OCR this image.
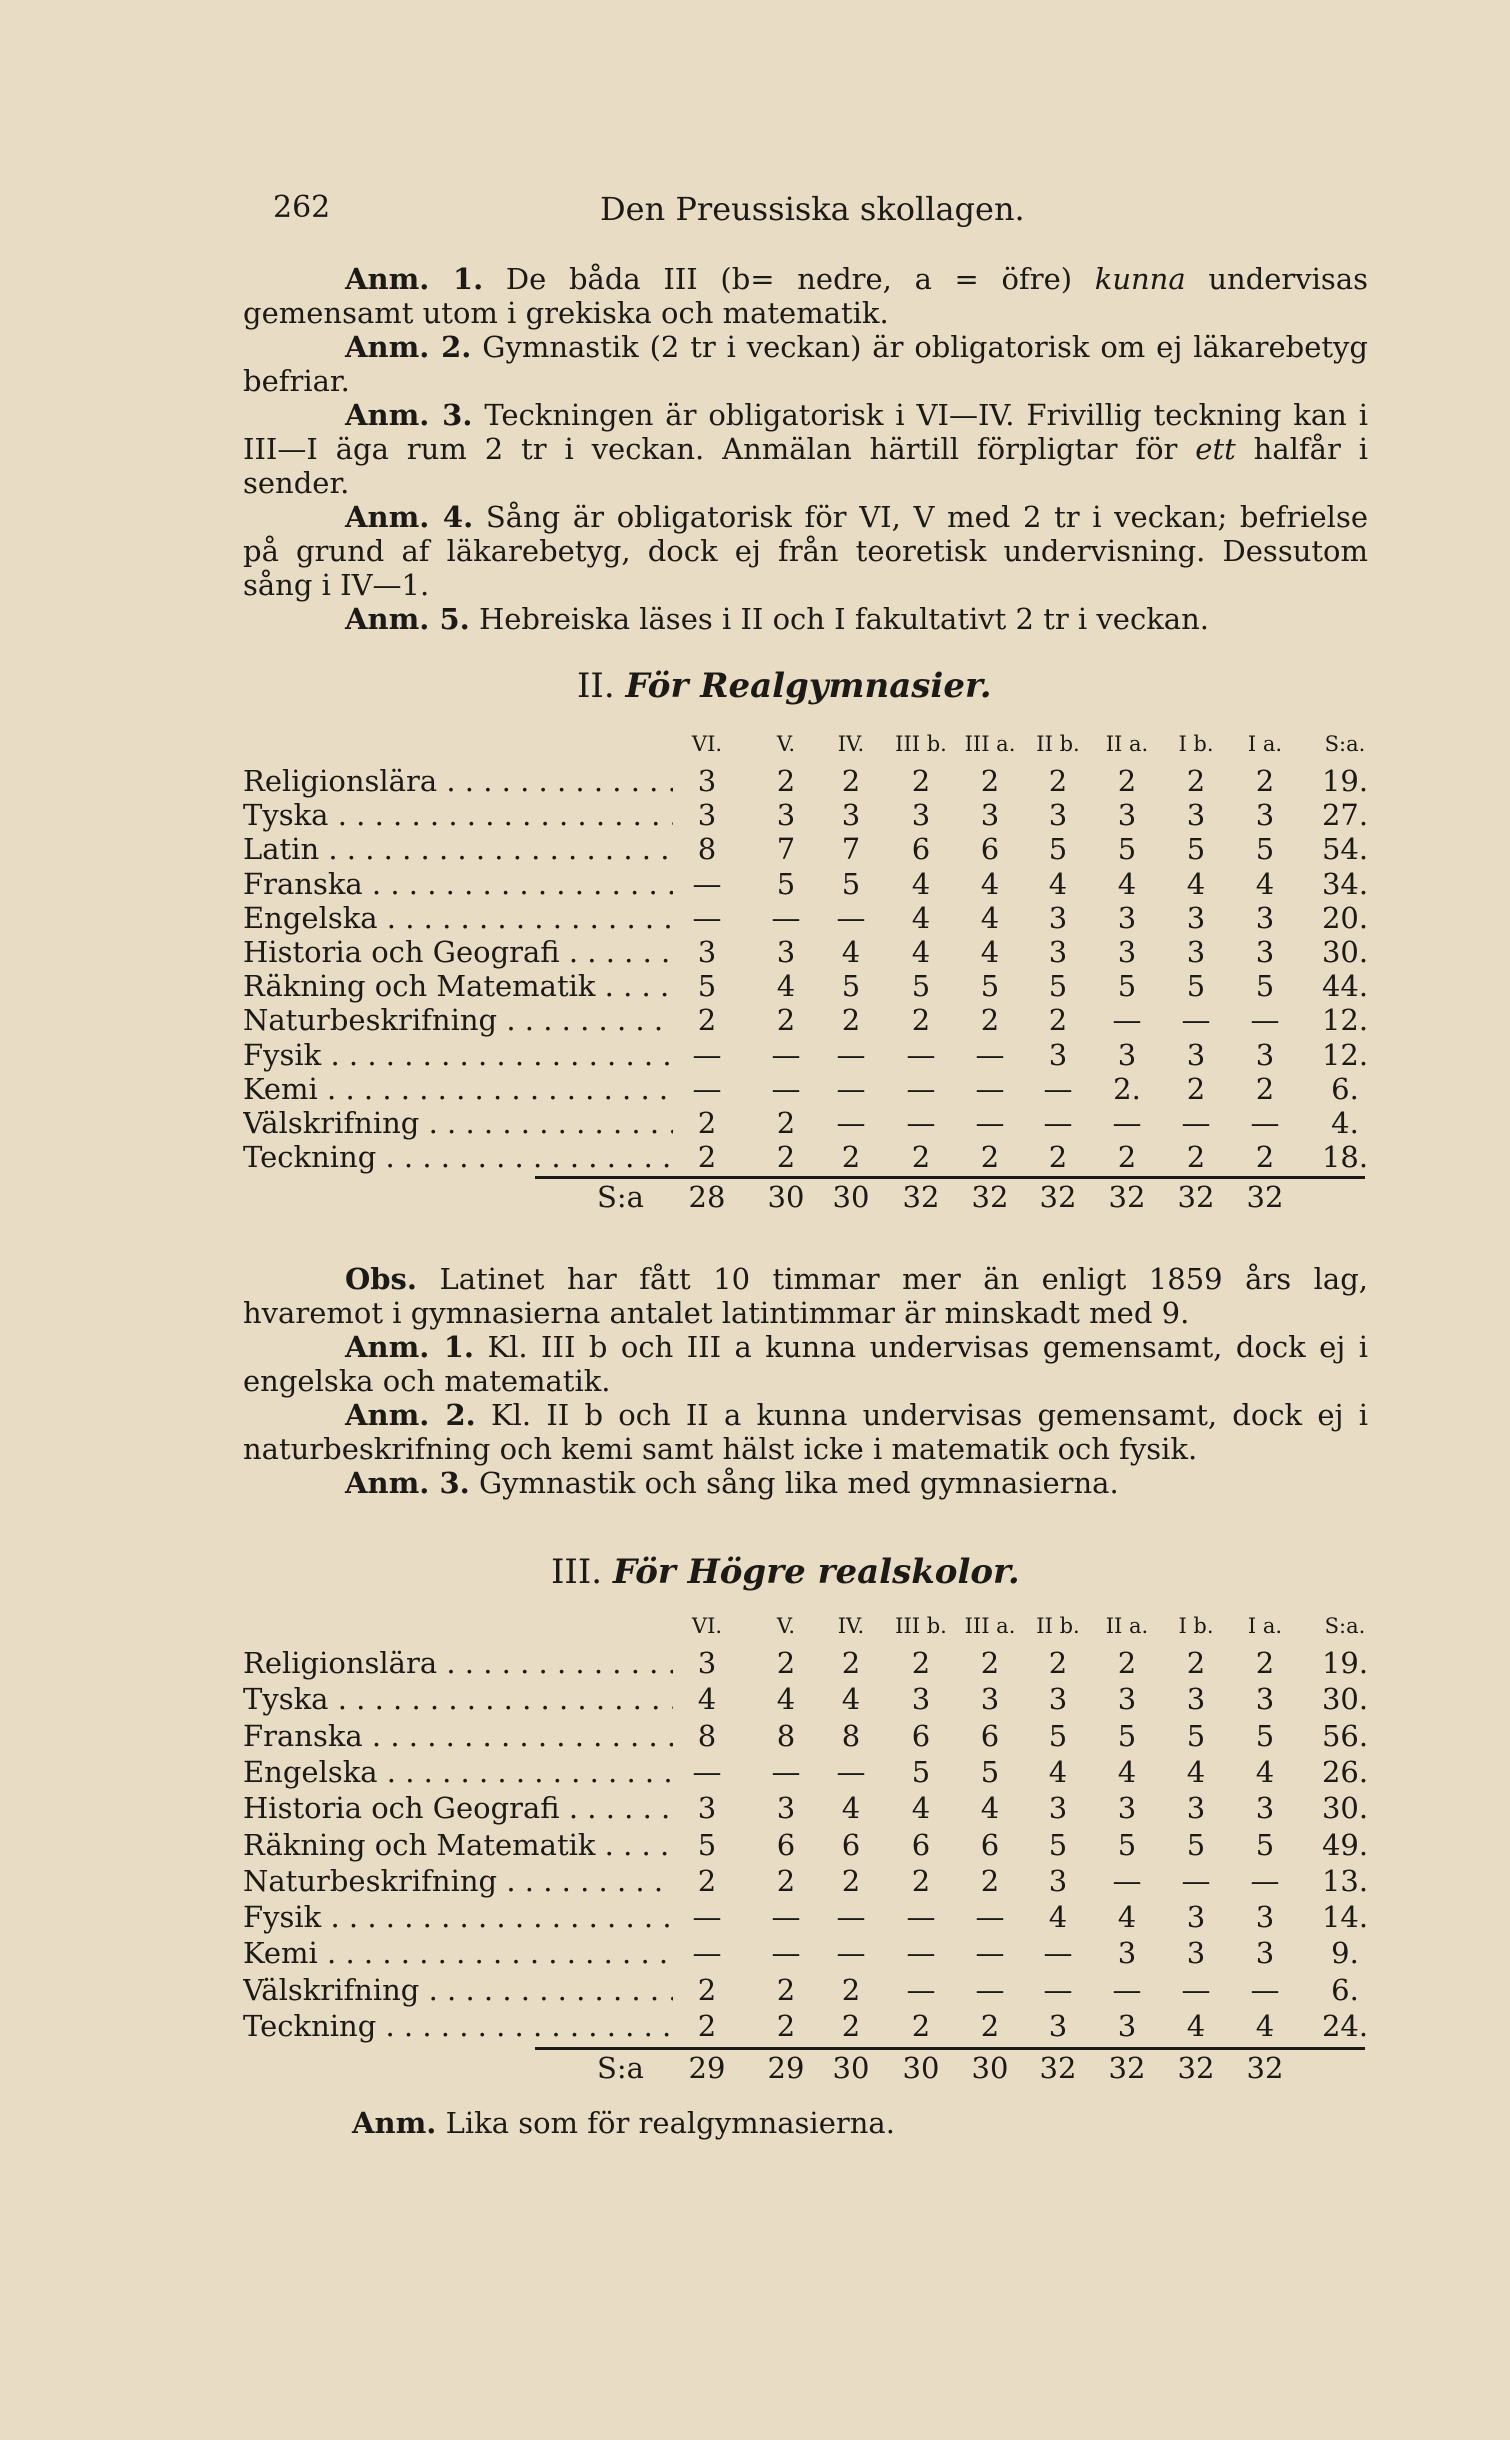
262	Den Preussiska skollagen.

Anm. 1. De båda III (b= nedre, a = öfre) kunna undervisas gemensamt utom i grekiska och matematik.

Anm. 2. Gymnastik (2 tr i veckan) är obligatorisk om ej läkarebetyg befriar.

Anm. 3. Teckningen är obligatorisk i VI—IV. Frivillig teckning kan i III—I äga rum 2 tr i veckan. Anmälan härtill förpligtar för ett halfår i sender.

Anm. 4. Sång är obligatorisk för VI, V med 2 tr i veckan; befrielse på grund af läkarebetyg, dock ej från teoretisk undervisning. Dessutom sång i IV—1.

Anm. 5. Hebreiska läses i II och I fakultativt 2 tr i veckan.

II. För Realgymnasier.
VI.	V.	IV.	III b. III a. II b.	II a.	I b.	I a.	S:a.
Religionslära . . .	3	2	2	2	2	2	2	2	2	19.
Tyska . . .	3	3	3	3	3	3	3	3	3	27.
Latin . . .	8	7	7	6	6	5	5	5	5	54.
Franska . . .	—	5	5	4	4	4	4	4	4	34.
Engelska . . .	—	—	—	4	4	3	3	3	3	20.
Historia och Geografi . . .	3	3	4	4	4	3	3	3	3	30.
Räkning och Matematik . . .	5	4	5	5	5	5	5	5	5	44.
Naturbeskrifning . . .	2	2	2	2	2	2	—	—	—	12.
Fysik . . .	—	—	—	—	—	3	3	3	3	12.
Kemi . . .	—	—	—	—	—	—	2.	2	2	6.
Välskrifning . . .	2	2	—	—	—	—	—	—	—	4.
Teckning . . .	2	2	2	2	2	2	2	2	2	18.
S:a	28	30 30	32	32	32	32	32	32

Obs. Latinet har fått 10 timmar mer än enligt 1859 års lag, hvaremot i gymnasierna antalet latintimmar är minskadt med 9.

Anm. 1. Kl. III b och III a kunna undervisas gemensamt, dock ej i engelska och matematik.

Anm. 2. Kl. II b och II a kunna undervisas gemensamt, dock ej i naturbeskrifning och kemi samt hälst icke i matematik och fysik.

Anm. 3. Gymnastik och sång lika med gymnasierna.

III. För Högre realskolor.
VI.	V.	IV.	III b. III a. II b.	II a.	I b.	I a.	S:a.
Religionslära . . .	3	2	2	2	2	2	2	2	2	19.
Tyska . . .	4	4	4	3	3	3	3	3	3	30.
Franska . . .	8	8	8	6	6	5	5	5	5	56.
Engelska . . .	—	—	—	5	5	4	4	4	4	26.
Historia och Geografi . . .	3	3	4	4	4	3	3	3	3	30.
Räkning och Matematik . . .	5	6	6	6	6	5	5	5	5	49.
Naturbeskrifning . . .	2	2	2	2	2	3	—	—	—	13.
Fysik . . .	—	—	—	—	—	4	4	3	3	14.
Kemi . . .	—	—	—	—	—	—	3	3	3	9.
Välskrifning . . .	2	2	2	—	—	—	—	—	—	6.
Teckning . . .	2	2	2	2	2	3	3	4	4	24.
S:a	29	29 30	30	30	32	32	32	32
Anm. Lika som för realgymnasierna.
